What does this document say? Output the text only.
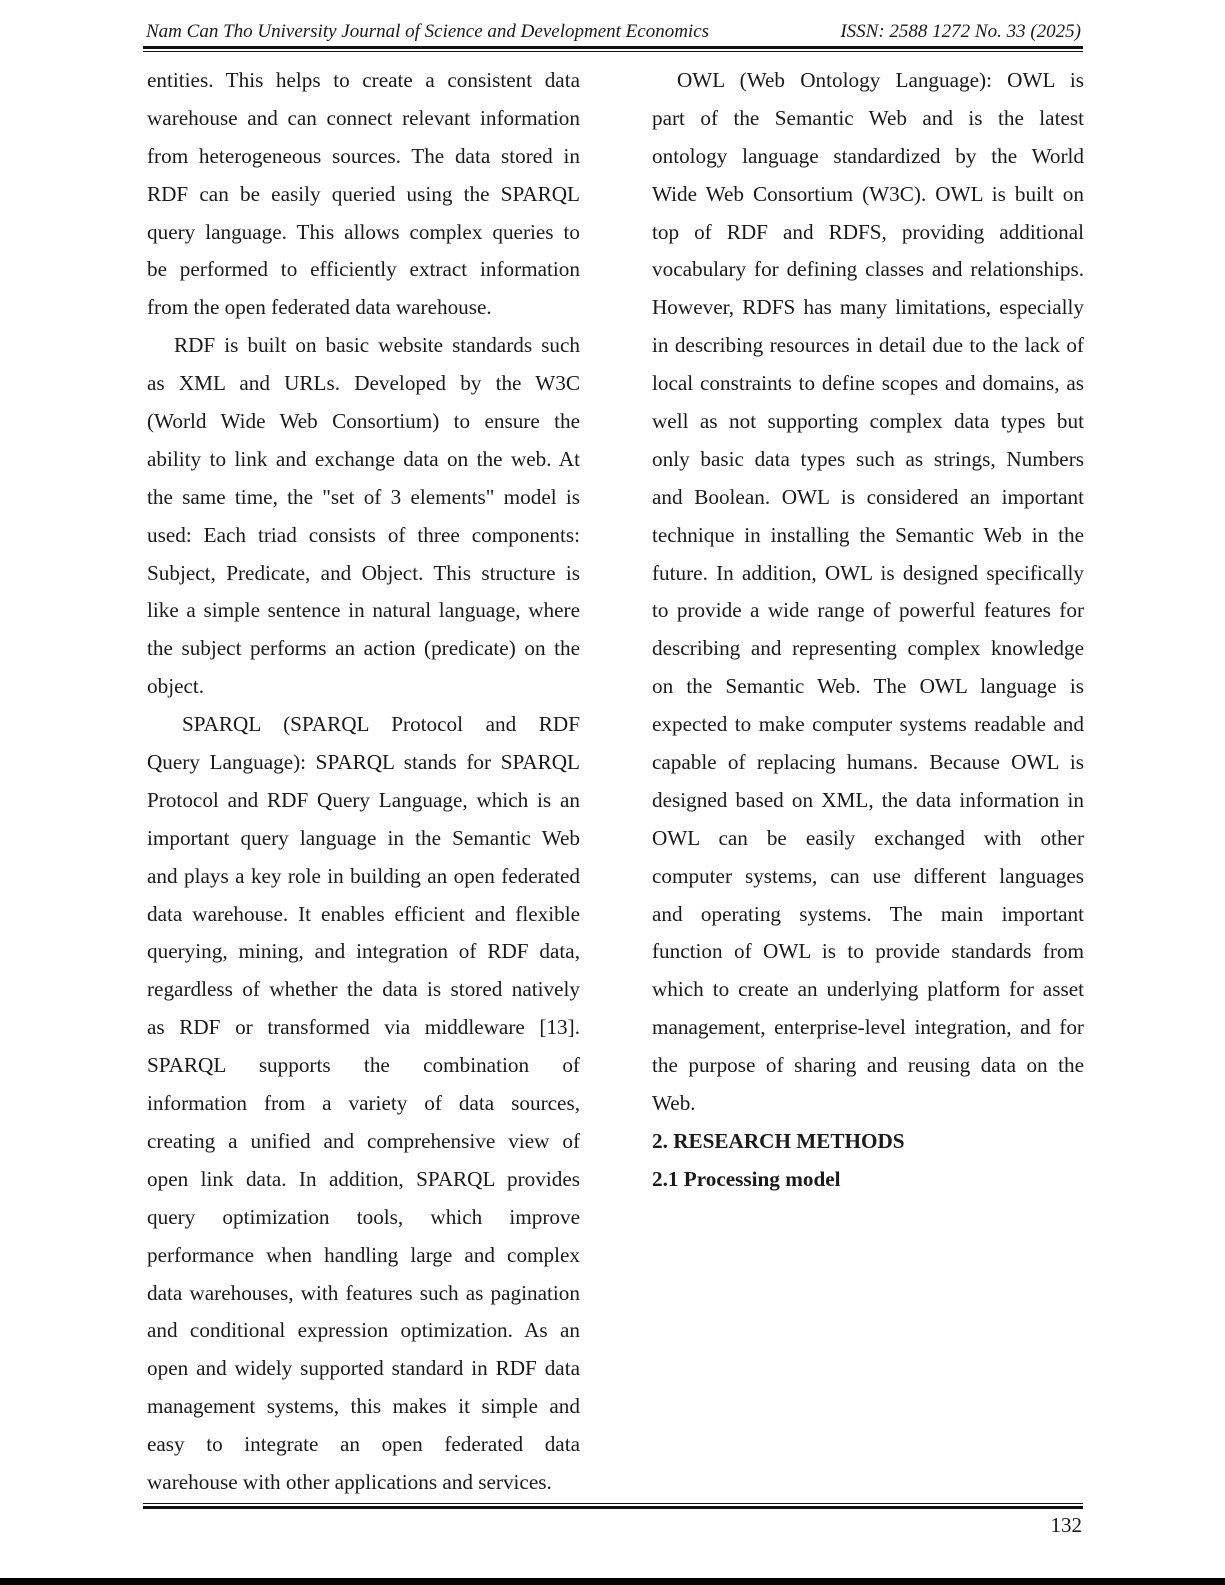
Nam Can Tho University Journal of Science and Development Economics	ISSN: 2588 1272 No. 33 (2025)
entities. This helps to create a consistent data
warehouse and can connect relevant information
from heterogeneous sources. The data stored in
RDF can be easily queried using the SPARQL
query language. This allows complex queries to
be performed to efficiently extract information
from the open federated data warehouse.
RDF is built on basic website standards such
as XML and URLs. Developed by the W3C
(World Wide Web Consortium) to ensure the
ability to link and exchange data on the web. At
the same time, the "set of 3 elements" model is
used: Each triad consists of three components:
Subject, Predicate, and Object. This structure is
like a simple sentence in natural language, where
the subject performs an action (predicate) on the
object.
SPARQL (SPARQL Protocol and RDF
Query Language): SPARQL stands for SPARQL
Protocol and RDF Query Language, which is an
important query language in the Semantic Web
and plays a key role in building an open federated
data warehouse. It enables efficient and flexible
querying, mining, and integration of RDF data,
regardless of whether the data is stored natively
as RDF or transformed via middleware [13].
SPARQL supports the combination of
information from a variety of data sources,
creating a unified and comprehensive view of
open link data. In addition, SPARQL provides
query optimization tools, which improve
performance when handling large and complex
data warehouses, with features such as pagination
and conditional expression optimization. As an
open and widely supported standard in RDF data
management systems, this makes it simple and
easy to integrate an open federated data
warehouse with other applications and services.
OWL (Web Ontology Language): OWL is
part of the Semantic Web and is the latest
ontology language standardized by the World
Wide Web Consortium (W3C). OWL is built on
top of RDF and RDFS, providing additional
vocabulary for defining classes and relationships.
However, RDFS has many limitations, especially
in describing resources in detail due to the lack of
local constraints to define scopes and domains, as
well as not supporting complex data types but
only basic data types such as strings, Numbers
and Boolean. OWL is considered an important
technique in installing the Semantic Web in the
future. In addition, OWL is designed specifically
to provide a wide range of powerful features for
describing and representing complex knowledge
on the Semantic Web. The OWL language is
expected to make computer systems readable and
capable of replacing humans. Because OWL is
designed based on XML, the data information in
OWL can be easily exchanged with other
computer systems, can use different languages
and operating systems. The main important
function of OWL is to provide standards from
which to create an underlying platform for asset
management, enterprise-level integration, and for
the purpose of sharing and reusing data on the
Web.
2. RESEARCH METHODS
2.1 Processing model
132
